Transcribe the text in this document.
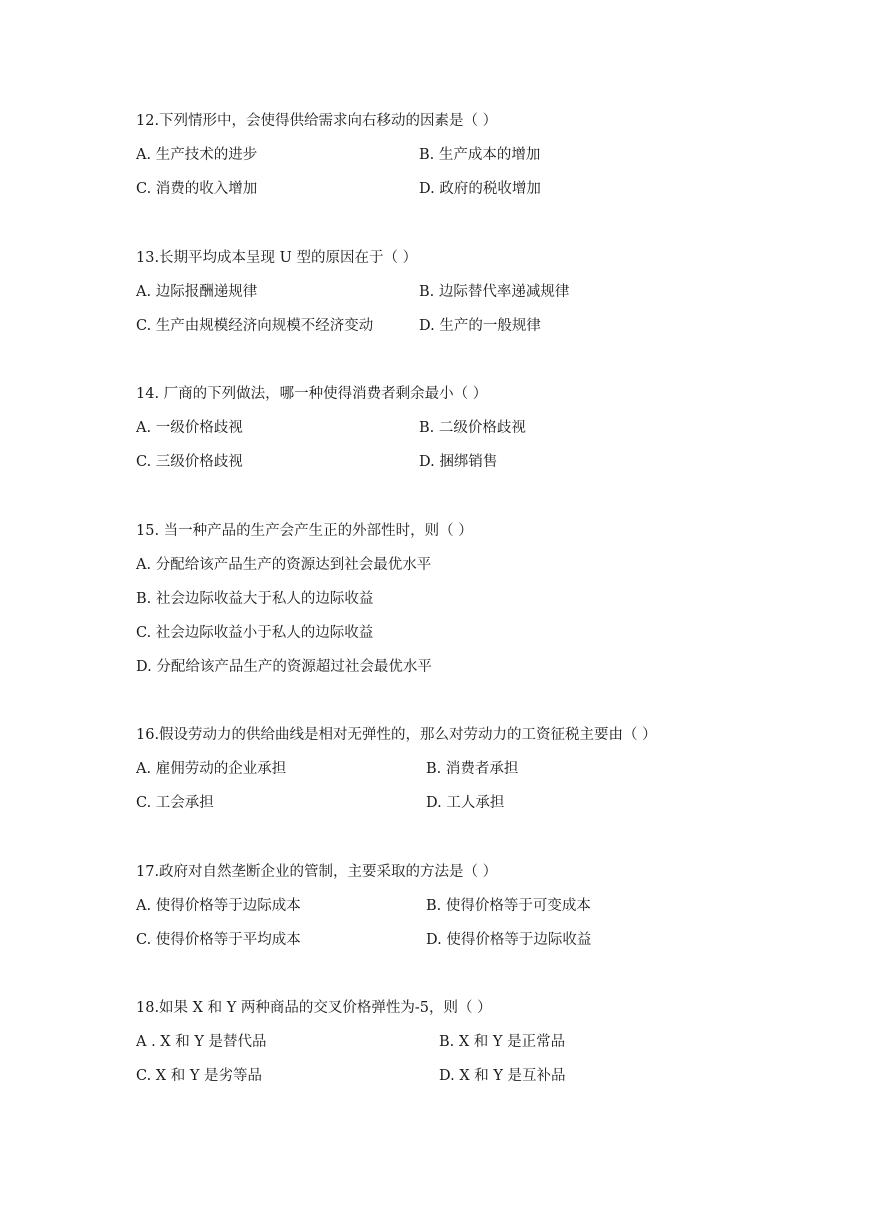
12.下列情形中，会使得供给需求向右移动的因素是（ ）
A. 生产技术的进步	B. 生产成本的增加
C. 消费的收入增加	D. 政府的税收增加
13.长期平均成本呈现 U 型的原因在于（ ）
A. 边际报酬递规律	B. 边际替代率递减规律
C. 生产由规模经济向规模不经济变动	D. 生产的一般规律
14. 厂商的下列做法，哪一种使得消费者剩余最小（ ）
A. 一级价格歧视	B. 二级价格歧视
C. 三级价格歧视	D. 捆绑销售
15. 当一种产品的生产会产生正的外部性时，则（ ）
A. 分配给该产品生产的资源达到社会最优水平
B. 社会边际收益大于私人的边际收益
C. 社会边际收益小于私人的边际收益
D. 分配给该产品生产的资源超过社会最优水平
16.假设劳动力的供给曲线是相对无弹性的，那么对劳动力的工资征税主要由（ ）
A. 雇佣劳动的企业承担	B. 消费者承担
C. 工会承担	D. 工人承担
17.政府对自然垄断企业的管制，主要采取的方法是（ ）
A. 使得价格等于边际成本	B. 使得价格等于可变成本
C. 使得价格等于平均成本	D. 使得价格等于边际收益
18.如果 X 和 Y 两种商品的交叉价格弹性为-5，则（ ）
A . X 和 Y 是替代品	B. X 和 Y 是正常品
C. X 和 Y 是劣等品	D. X 和 Y 是互补品
